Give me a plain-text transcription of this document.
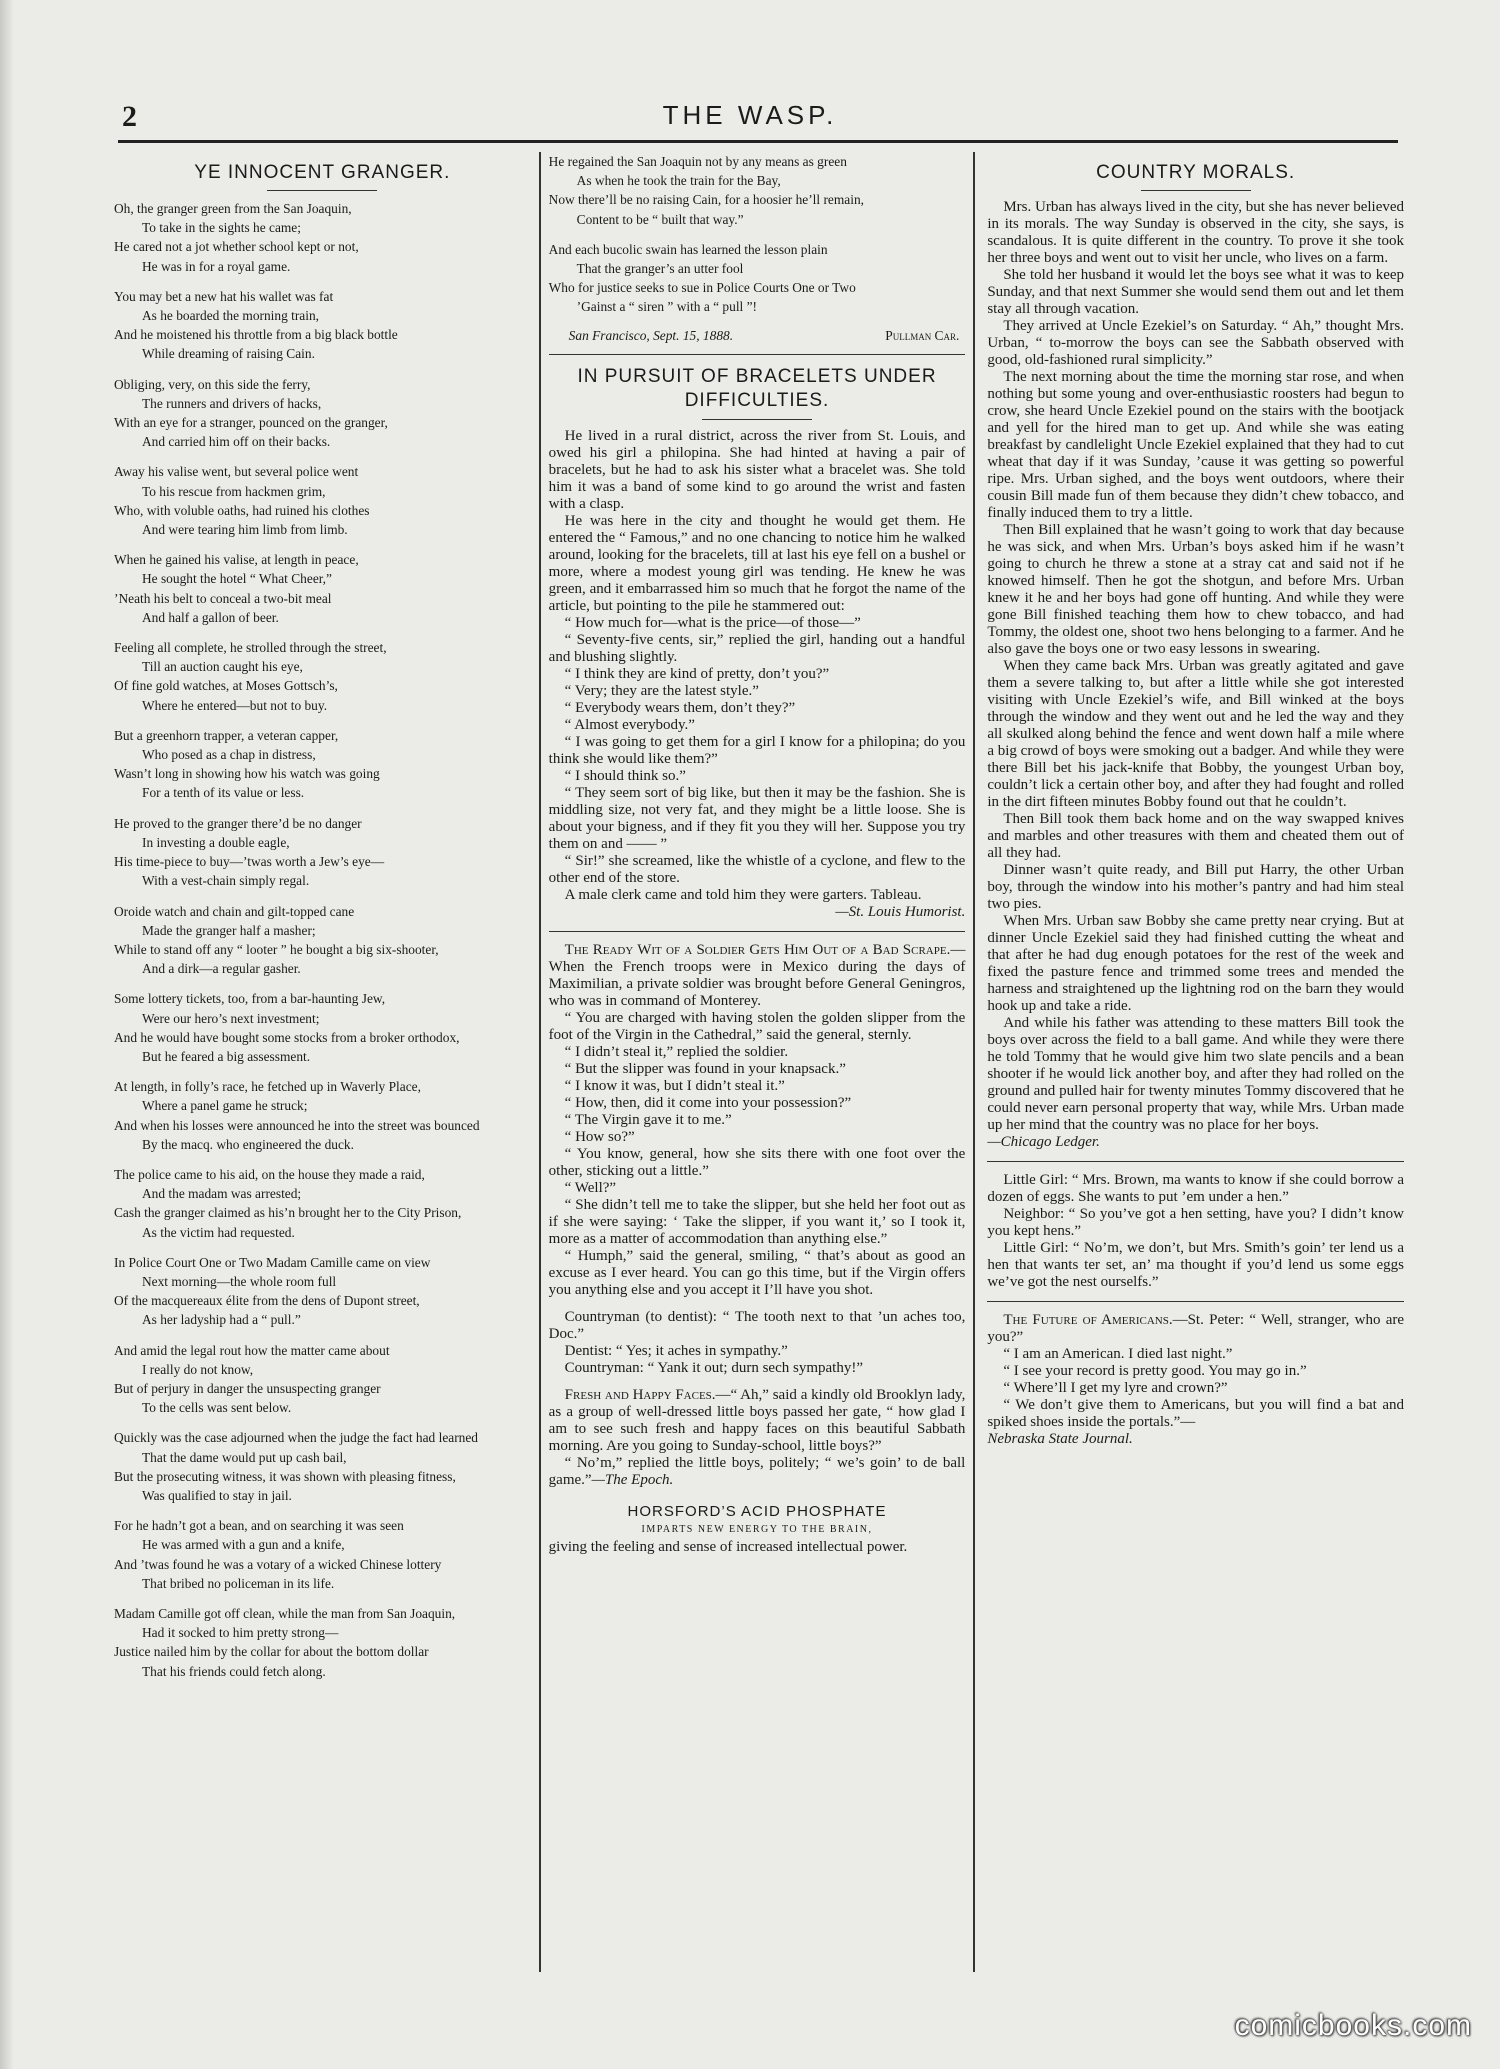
2	THE WASP.
YE INNOCENT GRANGER.

Oh, the granger green from the San Joaquin,

To take in the sights he came;

He cared not a jot whether school kept or not,

He was in for a royal game.

You may bet a new hat his wallet was fat

As he boarded the morning train,

And he moistened his throttle from a big black bottle

While dreaming of raising Cain.

Obliging, very, on this side the ferry,

The runners and drivers of hacks,

With an eye for a stranger, pounced on the granger,

And carried him off on their backs.

Away his valise went, but several police went

To his rescue from hackmen grim,

Who, with voluble oaths, had ruined his clothes

And were tearing him limb from limb.

When he gained his valise, at length in peace,

He sought the hotel “ What Cheer,”

’Neath his belt to conceal a two-bit meal

And half a gallon of beer.

Feeling all complete, he strolled through the street,

Till an auction caught his eye,

Of fine gold watches, at Moses Gottsch’s,

Where he entered—but not to buy.

But a greenhorn trapper, a veteran capper,

Who posed as a chap in distress,

Wasn’t long in showing how his watch was going

For a tenth of its value or less.

He proved to the granger there’d be no danger

In investing a double eagle,

His time-piece to buy—’twas worth a Jew’s eye—

With a vest-chain simply regal.

Oroide watch and chain and gilt-topped cane

Made the granger half a masher;

While to stand off any “ looter ” he bought a big six-shooter,

And a dirk—a regular gasher.

Some lottery tickets, too, from a bar-haunting Jew,

Were our hero’s next investment;

And he would have bought some stocks from a broker orthodox,

But he feared a big assessment.

At length, in folly’s race, he fetched up in Waverly Place,

Where a panel game he struck;

And when his losses were announced he into the street was bounced

By the macq. who engineered the duck.

The police came to his aid, on the house they made a raid,

And the madam was arrested;

Cash the granger claimed as his’n brought her to the City Prison,

As the victim had requested.

In Police Court One or Two Madam Camille came on view

Next morning—the whole room full

Of the macquereaux élite from the dens of Dupont street,

As her ladyship had a “ pull.”

And amid the legal rout how the matter came about

I really do not know,

But of perjury in danger the unsuspecting granger

To the cells was sent below.

Quickly was the case adjourned when the judge the fact had learned

That the dame would put up cash bail,

But the prosecuting witness, it was shown with pleasing fitness,

Was qualified to stay in jail.

For he hadn’t got a bean, and on searching it was seen

He was armed with a gun and a knife,

And ’twas found he was a votary of a wicked Chinese lottery

That bribed no policeman in its life.

Madam Camille got off clean, while the man from San Joaquin,

Had it socked to him pretty strong—

Justice nailed him by the collar for about the bottom dollar

That his friends could fetch along.

He regained the San Joaquin not by any means as green

As when he took the train for the Bay,

Now there’ll be no raising Cain, for a hoosier he’ll remain,

Content to be “ built that way.”

And each bucolic swain has learned the lesson plain

That the granger’s an utter fool

Who for justice seeks to sue in Police Courts One or Two

’Gainst a “ siren ” with a “ pull ”!

San Francisco, Sept. 15, 1888.	Pullman Car.
IN PURSUIT OF BRACELETS UNDER DIFFICULTIES.

He lived in a rural district, across the river from St. Louis, and owed his girl a philopina. She had hinted at having a pair of bracelets, but he had to ask his sister what a bracelet was. She told him it was a band of some kind to go around the wrist and fasten with a clasp.

He was here in the city and thought he would get them. He entered the “ Famous,” and no one chancing to notice him he walked around, looking for the bracelets, till at last his eye fell on a bushel or more, where a modest young girl was tending. He knew he was green, and it embarrassed him so much that he forgot the name of the article, but pointing to the pile he stammered out:

“ How much for—what is the price—of those—”

“ Seventy-five cents, sir,” replied the girl, handing out a handful and blushing slightly.

“ I think they are kind of pretty, don’t you?”

“ Very; they are the latest style.”

“ Everybody wears them, don’t they?”

“ Almost everybody.”

“ I was going to get them for a girl I know for a philopina; do you think she would like them?”

“ I should think so.”

“ They seem sort of big like, but then it may be the fashion. She is middling size, not very fat, and they might be a little loose. She is about your bigness, and if they fit you they will her. Suppose you try them on and —— ”

“ Sir!” she screamed, like the whistle of a cyclone, and flew to the other end of the store.

A male clerk came and told him they were garters. Tableau.

—St. Louis Humorist.

The Ready Wit of a Soldier Gets Him Out of a Bad Scrape.—When the French troops were in Mexico during the days of Maximilian, a private soldier was brought before General Geningros, who was in command of Monterey.

“ You are charged with having stolen the golden slipper from the foot of the Virgin in the Cathedral,” said the general, sternly.

“ I didn’t steal it,” replied the soldier.

“ But the slipper was found in your knapsack.”

“ I know it was, but I didn’t steal it.”

“ How, then, did it come into your possession?”

“ The Virgin gave it to me.”

“ How so?”

“ You know, general, how she sits there with one foot over the other, sticking out a little.”

“ Well?”

“ She didn’t tell me to take the slipper, but she held her foot out as if she were saying: ‘ Take the slipper, if you want it,’ so I took it, more as a matter of accommodation than anything else.”

“ Humph,” said the general, smiling, “ that’s about as good an excuse as I ever heard. You can go this time, but if the Virgin offers you anything else and you accept it I’ll have you shot.

Countryman (to dentist): “ The tooth next to that ’un aches too, Doc.”

Dentist: “ Yes; it aches in sympathy.”

Countryman: “ Yank it out; durn sech sympathy!”

Fresh and Happy Faces.—“ Ah,” said a kindly old Brooklyn lady, as a group of well-dressed little boys passed her gate, “ how glad I am to see such fresh and happy faces on this beautiful Sabbath morning. Are you going to Sunday-school, little boys?”

“ No’m,” replied the little boys, politely; “ we’s goin’ to de ball game.”—The Epoch.

HORSFORD’S ACID PHOSPHATE
IMPARTS NEW ENERGY TO THE BRAIN,

giving the feeling and sense of increased intellectual power.

COUNTRY MORALS.

Mrs. Urban has always lived in the city, but she has never believed in its morals. The way Sunday is observed in the city, she says, is scandalous. It is quite different in the country. To prove it she took her three boys and went out to visit her uncle, who lives on a farm.

She told her husband it would let the boys see what it was to keep Sunday, and that next Summer she would send them out and let them stay all through vacation.

They arrived at Uncle Ezekiel’s on Saturday. “ Ah,” thought Mrs. Urban, “ to-morrow the boys can see the Sabbath observed with good, old-fashioned rural simplicity.”

The next morning about the time the morning star rose, and when nothing but some young and over-enthusiastic roosters had begun to crow, she heard Uncle Ezekiel pound on the stairs with the bootjack and yell for the hired man to get up. And while she was eating breakfast by candlelight Uncle Ezekiel explained that they had to cut wheat that day if it was Sunday, ’cause it was getting so powerful ripe. Mrs. Urban sighed, and the boys went outdoors, where their cousin Bill made fun of them because they didn’t chew tobacco, and finally induced them to try a little.

Then Bill explained that he wasn’t going to work that day because he was sick, and when Mrs. Urban’s boys asked him if he wasn’t going to church he threw a stone at a stray cat and said not if he knowed himself. Then he got the shotgun, and before Mrs. Urban knew it he and her boys had gone off hunting. And while they were gone Bill finished teaching them how to chew tobacco, and had Tommy, the oldest one, shoot two hens belonging to a farmer. And he also gave the boys one or two easy lessons in swearing.

When they came back Mrs. Urban was greatly agitated and gave them a severe talking to, but after a little while she got interested visiting with Uncle Ezekiel’s wife, and Bill winked at the boys through the window and they went out and he led the way and they all skulked along behind the fence and went down half a mile where a big crowd of boys were smoking out a badger. And while they were there Bill bet his jack-knife that Bobby, the youngest Urban boy, couldn’t lick a certain other boy, and after they had fought and rolled in the dirt fifteen minutes Bobby found out that he couldn’t.

Then Bill took them back home and on the way swapped knives and marbles and other treasures with them and cheated them out of all they had.

Dinner wasn’t quite ready, and Bill put Harry, the other Urban boy, through the window into his mother’s pantry and had him steal two pies.

When Mrs. Urban saw Bobby she came pretty near crying. But at dinner Uncle Ezekiel said they had finished cutting the wheat and that after he had dug enough potatoes for the rest of the week and fixed the pasture fence and trimmed some trees and mended the harness and straightened up the lightning rod on the barn they would hook up and take a ride.

And while his father was attending to these matters Bill took the boys over across the field to a ball game. And while they were there he told Tommy that he would give him two slate pencils and a bean shooter if he would lick another boy, and after they had rolled on the ground and pulled hair for twenty minutes Tommy discovered that he could never earn personal property that way, while Mrs. Urban made up her mind that the country was no place for her boys.

—Chicago Ledger.

Little Girl: “ Mrs. Brown, ma wants to know if she could borrow a dozen of eggs. She wants to put ’em under a hen.”

Neighbor: “ So you’ve got a hen setting, have you? I didn’t know you kept hens.”

Little Girl: “ No’m, we don’t, but Mrs. Smith’s goin’ ter lend us a hen that wants ter set, an’ ma thought if you’d lend us some eggs we’ve got the nest ourselfs.”

The Future of Americans.—St. Peter: “ Well, stranger, who are you?”

“ I am an American. I died last night.”

“ I see your record is pretty good. You may go in.”

“ Where’ll I get my lyre and crown?”

“ We don’t give them to Americans, but you will find a bat and spiked shoes inside the portals.”—

Nebraska State Journal.

comicbooks.com
